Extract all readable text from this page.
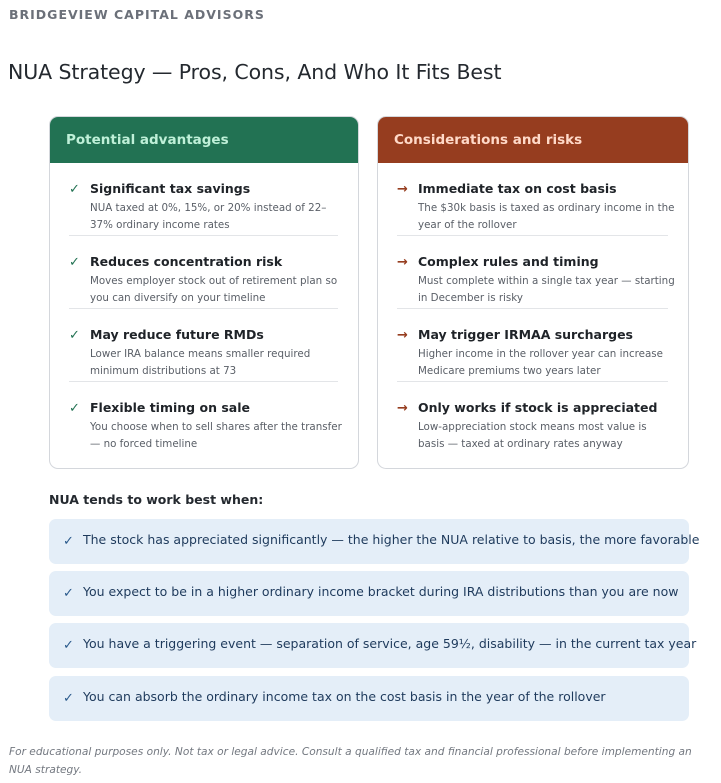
BRIDGEVIEW CAPITAL ADVISORS
NUA Strategy — Pros, Cons, And Who It Fits Best
Potential advantages
✓ Significant tax savings
NUA taxed at 0%, 15%, or 20% instead of 22–37% ordinary income rates
✓ Reduces concentration risk
Moves employer stock out of retirement plan so you can diversify on your timeline
✓ May reduce future RMDs
Lower IRA balance means smaller required minimum distributions at 73
✓ Flexible timing on sale
You choose when to sell shares after the transfer — no forced timeline
Considerations and risks
→ Immediate tax on cost basis
The $30k basis is taxed as ordinary income in the year of the rollover
→ Complex rules and timing
Must complete within a single tax year — starting in December is risky
→ May trigger IRMAA surcharges
Higher income in the rollover year can increase Medicare premiums two years later
→ Only works if stock is appreciated
Low-appreciation stock means most value is basis — taxed at ordinary rates anyway
NUA tends to work best when:
✓ The stock has appreciated significantly — the higher the NUA relative to basis, the more favorable
✓ You expect to be in a higher ordinary income bracket during IRA distributions than you are now
✓ You have a triggering event — separation of service, age 59½, disability — in the current tax year
✓ You can absorb the ordinary income tax on the cost basis in the year of the rollover
For educational purposes only. Not tax or legal advice. Consult a qualified tax and financial professional before implementing an NUA strategy.
